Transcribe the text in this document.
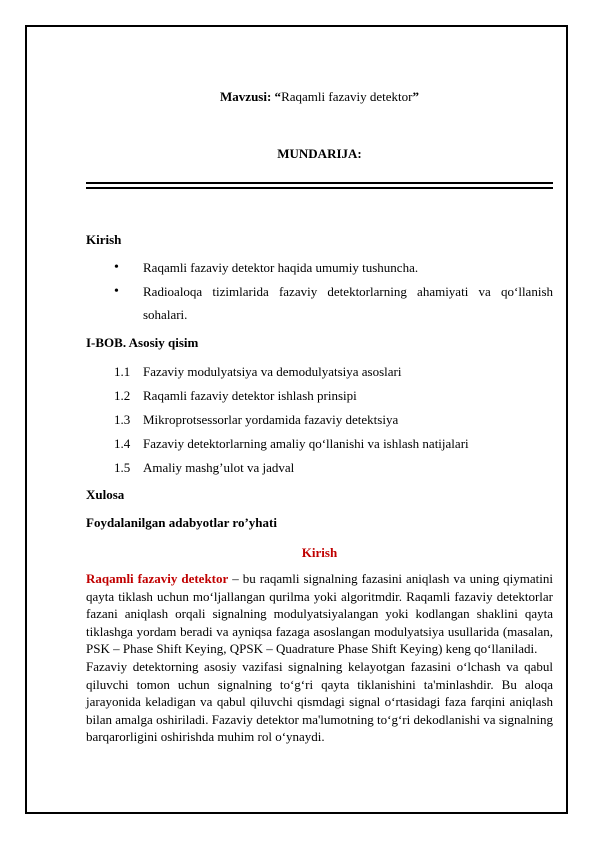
Mavzusi: “Raqamli fazaviy detektor”
MUNDARIJA:
Kirish
• Raqamli fazaviy detektor haqida umumiy tushuncha.
• Radioaloqa tizimlarida fazaviy detektorlarning ahamiyati va qo‘llanish sohalari.
I-BOB. Asosiy qisim
1.1 Fazaviy modulyatsiya va demodulyatsiya asoslari
1.2 Raqamli fazaviy detektor ishlash prinsipi
1.3 Mikroprotsessorlar yordamida fazaviy detektsiya
1.4 Fazaviy detektorlarning amaliy qo‘llanishi va ishlash natijalari
1.5 Amaliy mashg’ulot va jadval
Xulosa
Foydalanilgan adabyotlar ro’yhati
Kirish

Raqamli fazaviy detektor – bu raqamli signalning fazasini aniqlash va uning qiymatini qayta tiklash uchun mo‘ljallangan qurilma yoki algoritmdir. Raqamli fazaviy detektorlar fazani aniqlash orqali signalning modulyatsiyalangan yoki kodlangan shaklini qayta tiklashga yordam beradi va ayniqsa fazaga asoslangan modulyatsiya usullarida (masalan, PSK – Phase Shift Keying, QPSK – Quadrature Phase Shift Keying) keng qo‘llaniladi.

Fazaviy detektorning asosiy vazifasi signalning kelayotgan fazasini o‘lchash va qabul qiluvchi tomon uchun signalning to‘g‘ri qayta tiklanishini ta'minlashdir. Bu aloqa jarayonida keladigan va qabul qiluvchi qismdagi signal o‘rtasidagi faza farqini aniqlash bilan amalga oshiriladi. Fazaviy detektor ma'lumotning to‘g‘ri dekodlanishi va signalning barqarorligini oshirishda muhim rol o‘ynaydi.
